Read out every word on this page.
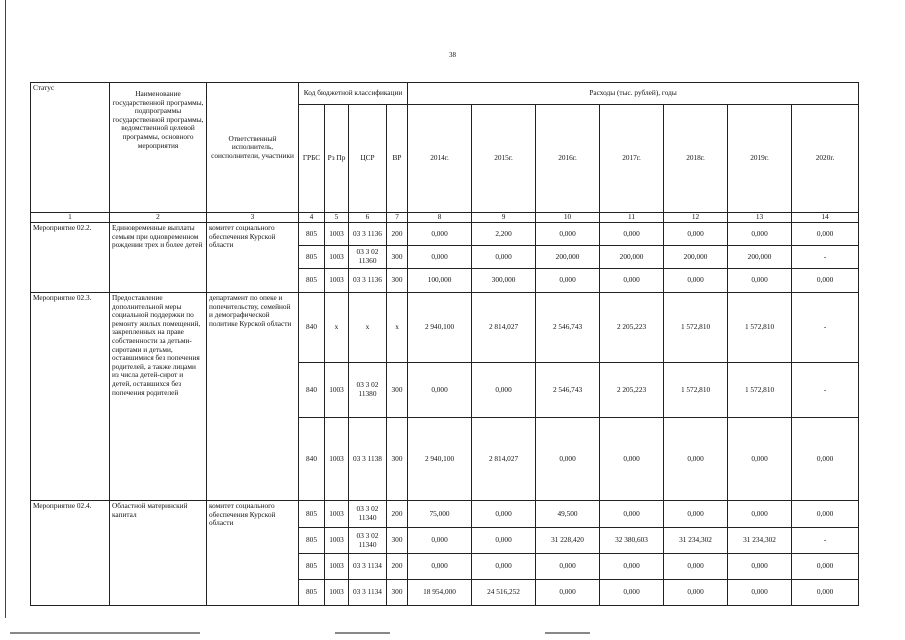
38
Статус	Наименование государственной программы, подпрограммы государственной программы, ведомственной целевой программы, основного мероприятия	Ответственный исполнитель, соисполнители, участники	Код бюджетной классификации				Расходы (тыс. рублей), годы						
			ГРБС	Рз Пр	ЦСР	ВР	2014г.	2015г.	2016г.	2017г.	2018г.	2019г.	2020г.
1	2	3	4	5	6	7	8	9	10	11	12	13	14
Мероприятие 02.2.	Единовременные выплаты семьям при одновременном рождении трех и более детей	комитет социального обеспечения Курской области	805	1003	03 3 1136	200	0,000	2,200	0,000	0,000	0,000	0,000	0,000
			805	1003	03 3 02 11360	300	0,000	0,000	200,000	200,000	200,000	200,000	-
			805	1003	03 3 1136	300	100,000	300,000	0,000	0,000	0,000	0,000	0,000
Мероприятие 02.3.	Предоставление дополнительной меры социальной поддержки по ремонту жилых помещений, закрепленных на праве собственности за детьми-сиротами и детьми, оставшимися без попечения родителей, а также лицами из числа детей-сирот и детей, оставшихся без попечения родителей	департамент по опеке и попечительству, семейной и демографической политике Курской области	840	х	х	х	2 940,100	2 814,027	2 546,743	2 205,223	1 572,810	1 572,810	-
			840	1003	03 3 02 11380	300	0,000	0,000	2 546,743	2 205,223	1 572,810	1 572,810	-
			840	1003	03 3 1138	300	2 940,100	2 814,027	0,000	0,000	0,000	0,000	0,000
Мероприятие 02.4.	Областной материнский капитал	комитет социального обеспечения Курской области	805	1003	03 3 02 11340	200	75,000	0,000	49,500	0,000	0,000	0,000	0,000
			805	1003	03 3 02 11340	300	0,000	0,000	31 228,420	32 380,603	31 234,302	31 234,302	-
			805	1003	03 3 1134	200	0,000	0,000	0,000	0,000	0,000	0,000	0,000
			805	1003	03 3 1134	300	18 954,000	24 516,252	0,000	0,000	0,000	0,000	0,000
